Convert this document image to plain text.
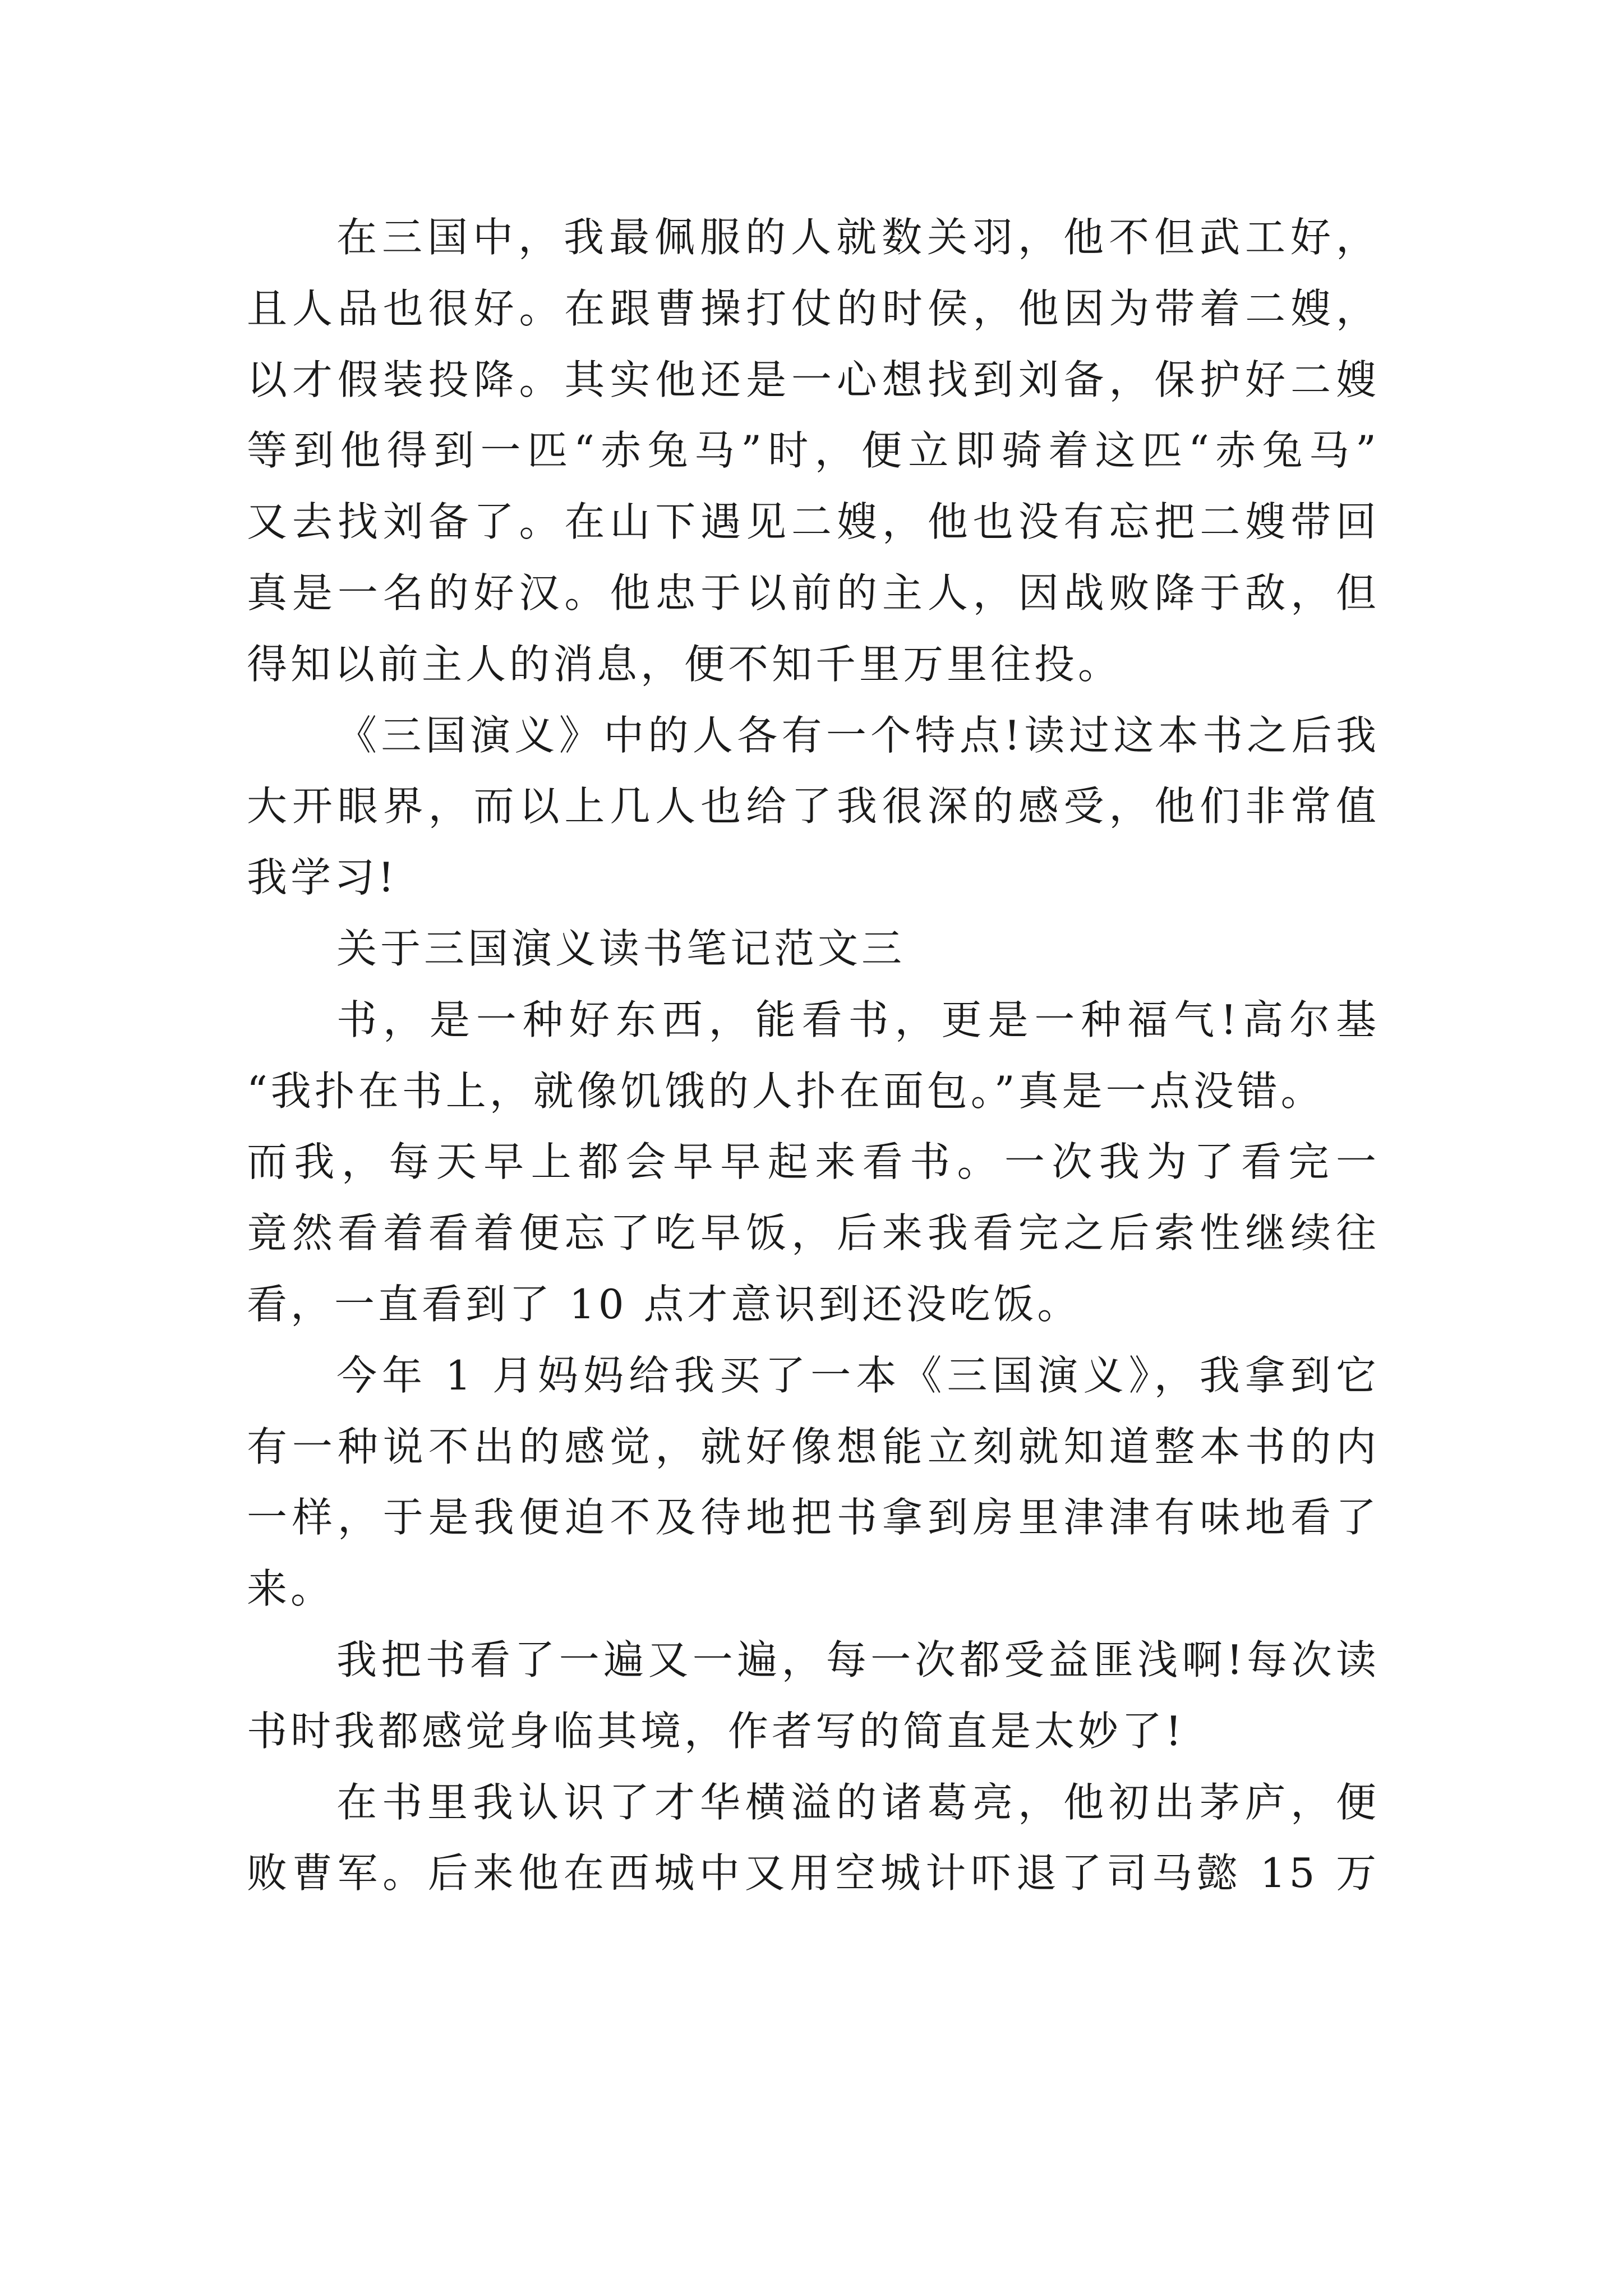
在三国中，我最佩服的人就数关羽，他不但武工好，
且人品也很好。在跟曹操打仗的时侯，他因为带着二嫂，
以才假装投降。其实他还是一心想找到刘备，保护好二嫂
等到他得到一匹“赤兔马”时，便立即骑着这匹“赤兔马”
又去找刘备了。在山下遇见二嫂，他也没有忘把二嫂带回
真是一名的好汉。他忠于以前的主人，因战败降于敌，但
得知以前主人的消息，便不知千里万里往投。
《三国演义》中的人各有一个特点!读过这本书之后我
大开眼界，而以上几人也给了我很深的感受，他们非常值
我学习!
关于三国演义读书笔记范文三
书，是一种好东西，能看书，更是一种福气!高尔基
“我扑在书上，就像饥饿的人扑在面包。”真是一点没错。
而我，每天早上都会早早起来看书。一次我为了看完一
竟然看着看着便忘了吃早饭，后来我看完之后索性继续往
看，一直看到了 10 点才意识到还没吃饭。
今年 1 月妈妈给我买了一本《三国演义》，我拿到它
有一种说不出的感觉，就好像想能立刻就知道整本书的内
一样，于是我便迫不及待地把书拿到房里津津有味地看了
来。
我把书看了一遍又一遍，每一次都受益匪浅啊!每次读
书时我都感觉身临其境，作者写的简直是太妙了!
在书里我认识了才华横溢的诸葛亮，他初出茅庐，便
败曹军。后来他在西城中又用空城计吓退了司马懿 15 万
